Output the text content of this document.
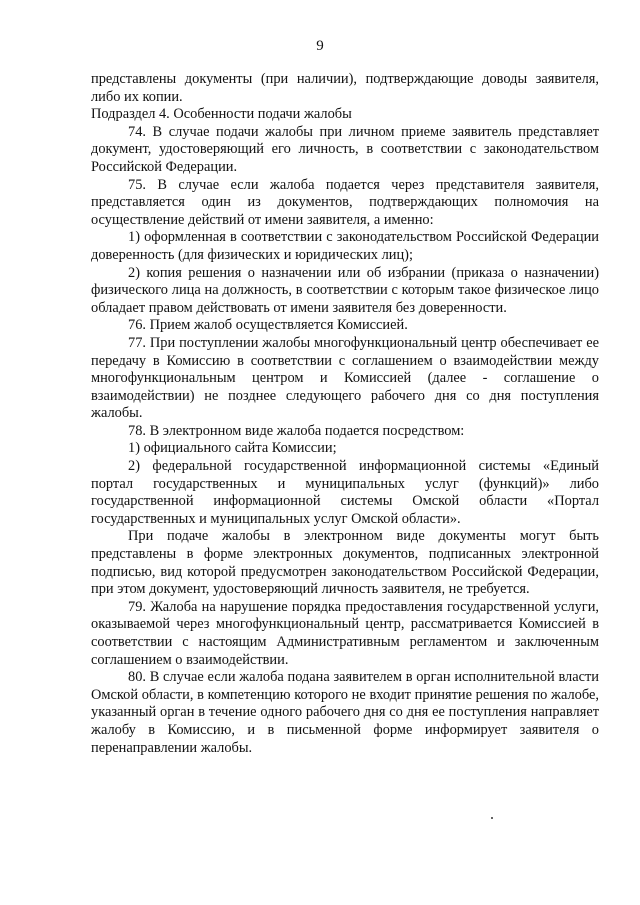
9

представлены документы (при наличии), подтверждающие доводы заявителя, либо их копии.

Подраздел 4. Особенности подачи жалобы

74. В случае подачи жалобы при личном приеме заявитель представляет документ, удостоверяющий его личность, в соответствии с законодательством Российской Федерации.

75. В случае если жалоба подается через представителя заявителя, представляется один из документов, подтверждающих полномочия на осуществление действий от имени заявителя, а именно:

1) оформленная в соответствии с законодательством Российской Федерации доверенность (для физических и юридических лиц);

2) копия решения о назначении или об избрании (приказа о назначении) физического лица на должность, в соответствии с которым такое физическое лицо обладает правом действовать от имени заявителя без доверенности.

76. Прием жалоб осуществляется Комиссией.

77. При поступлении жалобы многофункциональный центр обеспечивает ее передачу в Комиссию в соответствии с соглашением о взаимодействии между многофункциональным центром и Комиссией (далее - соглашение о взаимодействии) не позднее следующего рабочего дня со дня поступления жалобы.

78. В электронном виде жалоба подается посредством:

1) официального сайта Комиссии;

2) федеральной государственной информационной системы «Единый портал государственных и муниципальных услуг (функций)» либо государственной информационной системы Омской области «Портал государственных и муниципальных услуг Омской области».

При подаче жалобы в электронном виде документы могут быть представлены в форме электронных документов, подписанных электронной подписью, вид которой предусмотрен законодательством Российской Федерации, при этом документ, удостоверяющий личность заявителя, не требуется.

79. Жалоба на нарушение порядка предоставления государственной услуги, оказываемой через многофункциональный центр, рассматривается Комиссией в соответствии с настоящим Административным регламентом и заключенным соглашением о взаимодействии.

80. В случае если жалоба подана заявителем в орган исполнительной власти Омской области, в компетенцию которого не входит принятие решения по жалобе, указанный орган в течение одного рабочего дня со дня ее поступления направляет жалобу в Комиссию, и в письменной форме информирует заявителя о перенаправлении жалобы.
